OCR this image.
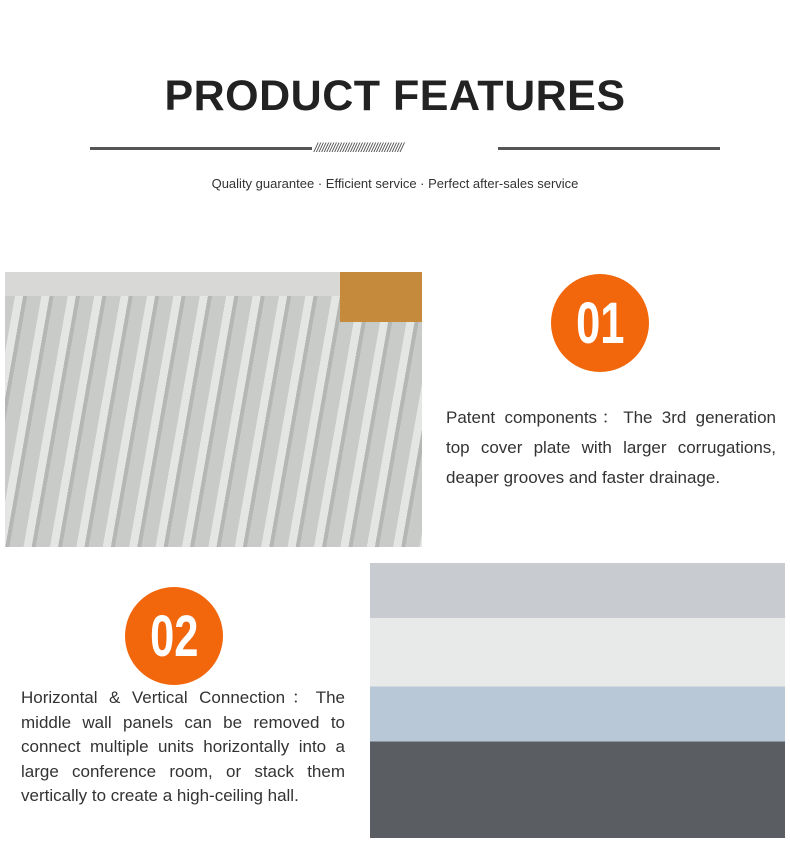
PRODUCT FEATURES
//////////////////////////////////
Quality guarantee · Efficient service · Perfect after-sales service
01
Patent components：The 3rd generation top cover plate with larger corrugations, deaper grooves and faster drainage.
02
Horizontal & Vertical Connection：The middle wall panels can be removed to connect multiple units horizontally into a large conference room, or stack them vertically to create a high-ceiling hall.
